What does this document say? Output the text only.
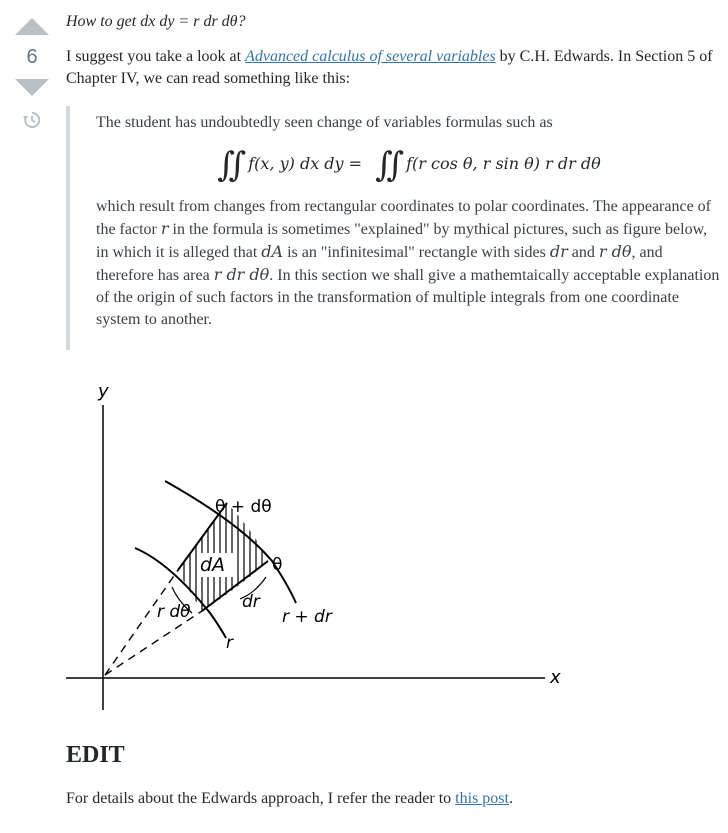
6
How to get dx dy = r dr dθ?

I suggest you take a look at Advanced calculus of several variables by C.H. Edwards. In Section 5 of Chapter IV, we can read something like this:

The student has undoubtedly seen change of variables formulas such as

∬ f(x, y) dx dy = ∬ f(r cos θ, r sin θ) r dr dθ

which result from changes from rectangular coordinates to polar coordinates. The appearance of the factor r in the formula is sometimes "explained" by mythical pictures, such as figure below, in which it is alleged that dA is an "infinitesimal" rectangle with sides dr and r dθ, and therefore has area r dr dθ. In this section we shall give a mathemtaically acceptable explanation of the origin of such factors in the transformation of multiple integrals from one coordinate system to another.

y
x
θ + dθ
dA	θ
r dθ	dr
r
r + dr
EDIT

For details about the Edwards approach, I refer the reader to this post.
